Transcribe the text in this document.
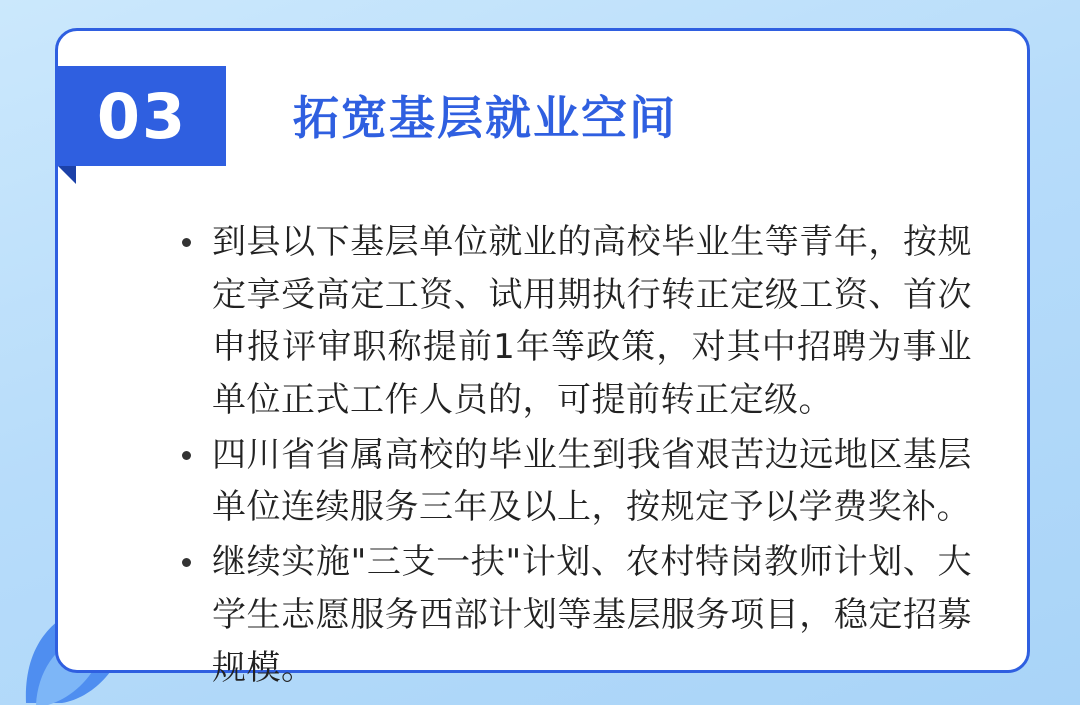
03	拓宽基层就业空间
到县以下基层单位就业的高校毕业生等青年，按规定享受高定工资、试用期执行转正定级工资、首次申报评审职称提前1年等政策，对其中招聘为事业单位正式工作人员的，可提前转正定级。
四川省省属高校的毕业生到我省艰苦边远地区基层单位连续服务三年及以上，按规定予以学费奖补。
继续实施"三支一扶"计划、农村特岗教师计划、大学生志愿服务西部计划等基层服务项目，稳定招募规模。
